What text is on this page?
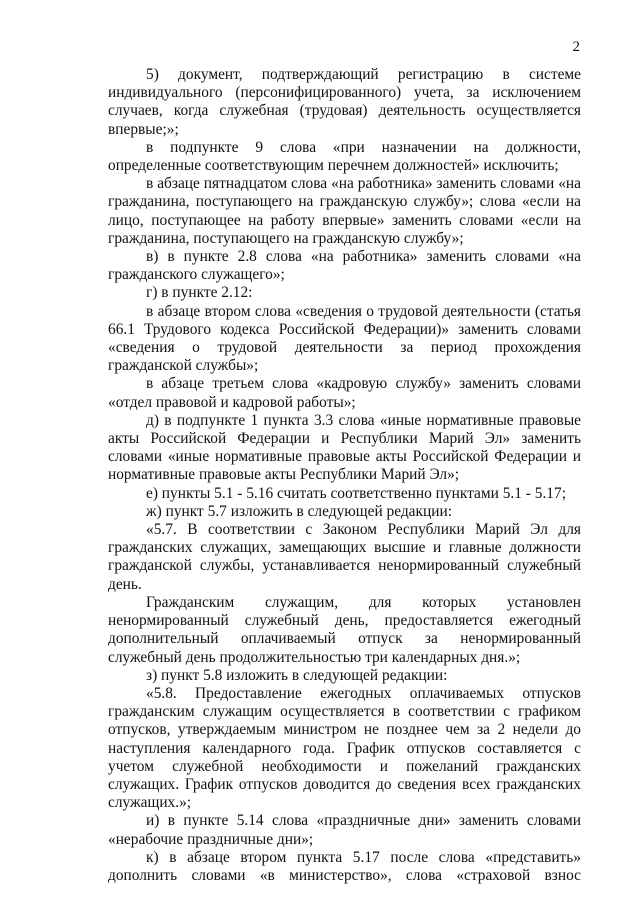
2

5) документ, подтверждающий регистрацию в системе индивидуального (персонифицированного) учета, за исключением случаев, когда служебная (трудовая) деятельность осуществляется впервые;»;

в подпункте 9 слова «при назначении на должности, определенные соответствующим перечнем должностей» исключить;

в абзаце пятнадцатом слова «на работника» заменить словами «на гражданина, поступающего на гражданскую службу»; слова «если на лицо, поступающее на работу впервые» заменить словами «если на гражданина, поступающего на гражданскую службу»;

в) в пункте 2.8 слова «на работника» заменить словами «на гражданского служащего»;

г) в пункте 2.12:

в абзаце втором слова «сведения о трудовой деятельности (статья 66.1 Трудового кодекса Российской Федерации)» заменить словами «сведения о трудовой деятельности за период прохождения гражданской службы»;

в абзаце третьем слова «кадровую службу» заменить словами «отдел правовой и кадровой работы»;

д) в подпункте 1 пункта 3.3 слова «иные нормативные правовые акты Российской Федерации и Республики Марий Эл» заменить словами «иные нормативные правовые акты Российской Федерации и нормативные правовые акты Республики Марий Эл»;

е) пункты 5.1 - 5.16 считать соответственно пунктами 5.1 - 5.17;

ж) пункт 5.7 изложить в следующей редакции:

«5.7. В соответствии с Законом Республики Марий Эл для гражданских служащих, замещающих высшие и главные должности гражданской службы, устанавливается ненормированный служебный день.

Гражданским служащим, для которых установлен ненормированный служебный день, предоставляется ежегодный дополнительный оплачиваемый отпуск за ненормированный служебный день продолжительностью три календарных дня.»;

з) пункт 5.8 изложить в следующей редакции:

«5.8. Предоставление ежегодных оплачиваемых отпусков гражданским служащим осуществляется в соответствии с графиком отпусков, утверждаемым министром не позднее чем за 2 недели до наступления календарного года. График отпусков составляется с учетом служебной необходимости и пожеланий гражданских служащих. График отпусков доводится до сведения всех гражданских служащих.»;

и) в пункте 5.14 слова «праздничные дни» заменить словами «нерабочие праздничные дни»;

к) в абзаце втором пункта 5.17 после слова «представить» дополнить словами «в министерство», слова «страховой взнос
